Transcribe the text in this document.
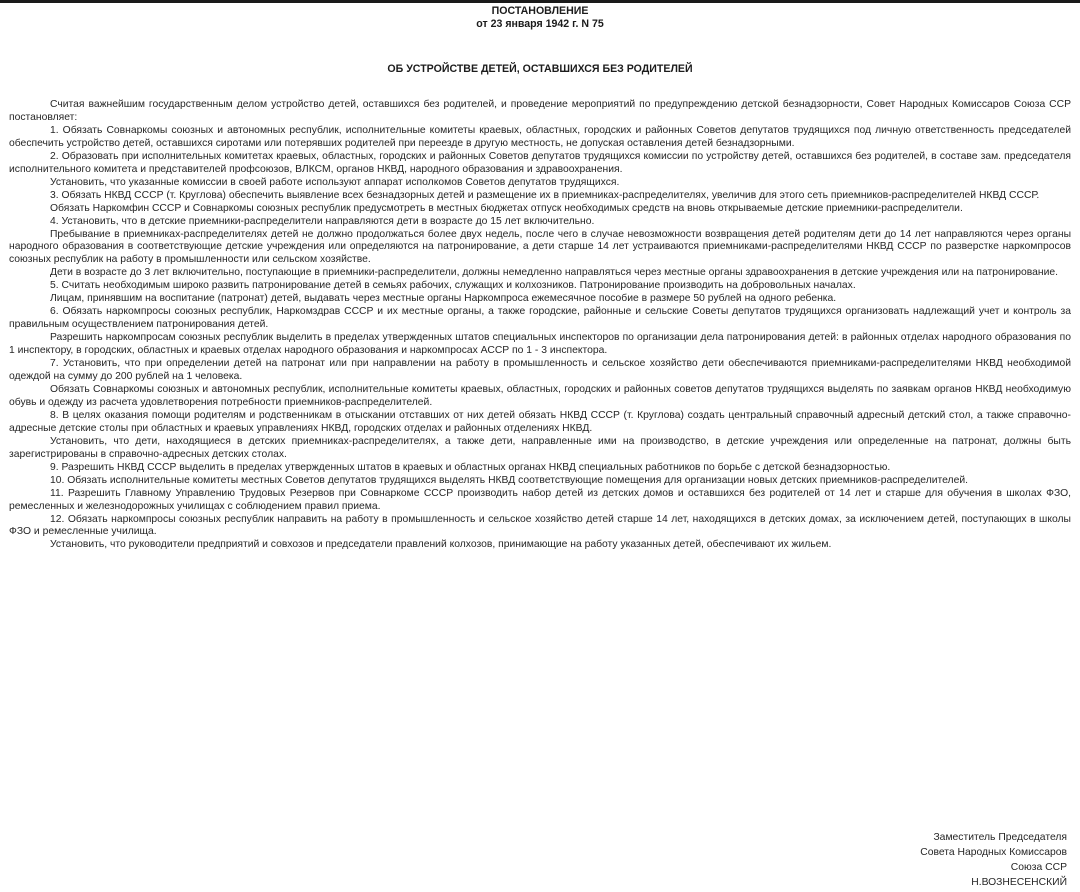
ПОСТАНОВЛЕНИЕ
от 23 января 1942 г. N 75
ОБ УСТРОЙСТВЕ ДЕТЕЙ, ОСТАВШИХСЯ БЕЗ РОДИТЕЛЕЙ

Считая важнейшим государственным делом устройство детей, оставшихся без родителей, и проведение мероприятий по предупреждению детской безнадзорности, Совет Народных Комиссаров Союза ССР постановляет:

1. Обязать Совнаркомы союзных и автономных республик, исполнительные комитеты краевых, областных, городских и районных Советов депутатов трудящихся под личную ответственность председателей обеспечить устройство детей, оставшихся сиротами или потерявших родителей при переезде в другую местность, не допуская оставления детей безнадзорными.

2. Образовать при исполнительных комитетах краевых, областных, городских и районных Советов депутатов трудящихся комиссии по устройству детей, оставшихся без родителей, в составе зам. председателя исполнительного комитета и представителей профсоюзов, ВЛКСМ, органов НКВД, народного образования и здравоохранения.

Установить, что указанные комиссии в своей работе используют аппарат исполкомов Советов депутатов трудящихся.

3. Обязать НКВД СССР (т. Круглова) обеспечить выявление всех безнадзорных детей и размещение их в приемниках-распределителях, увеличив для этого сеть приемников-распределителей НКВД СССР.

Обязать Наркомфин СССР и Совнаркомы союзных республик предусмотреть в местных бюджетах отпуск необходимых средств на вновь открываемые детские приемники-распределители.

4. Установить, что в детские приемники-распределители направляются дети в возрасте до 15 лет включительно.

Пребывание в приемниках-распределителях детей не должно продолжаться более двух недель, после чего в случае невозможности возвращения детей родителям дети до 14 лет направляются через органы народного образования в соответствующие детские учреждения или определяются на патронирование, а дети старше 14 лет устраиваются приемниками-распределителями НКВД СССР по разверстке наркомпросов союзных республик на работу в промышленности или сельском хозяйстве.

Дети в возрасте до 3 лет включительно, поступающие в приемники-распределители, должны немедленно направляться через местные органы здравоохранения в детские учреждения или на патронирование.

5. Считать необходимым широко развить патронирование детей в семьях рабочих, служащих и колхозников. Патронирование производить на добровольных началах.

Лицам, принявшим на воспитание (патронат) детей, выдавать через местные органы Наркомпроса ежемесячное пособие в размере 50 рублей на одного ребенка.

6. Обязать наркомпросы союзных республик, Наркомздрав СССР и их местные органы, а также городские, районные и сельские Советы депутатов трудящихся организовать надлежащий учет и контроль за правильным осуществлением патронирования детей.

Разрешить наркомпросам союзных республик выделить в пределах утвержденных штатов специальных инспекторов по организации дела патронирования детей: в районных отделах народного образования по 1 инспектору, в городских, областных и краевых отделах народного образования и наркомпросах АССР по 1 - 3 инспектора.

7. Установить, что при определении детей на патронат или при направлении на работу в промышленность и сельское хозяйство дети обеспечиваются приемниками-распределителями НКВД необходимой одеждой на сумму до 200 рублей на 1 человека.

Обязать Совнаркомы союзных и автономных республик, исполнительные комитеты краевых, областных, городских и районных советов депутатов трудящихся выделять по заявкам органов НКВД необходимую обувь и одежду из расчета удовлетворения потребности приемников-распределителей.

8. В целях оказания помощи родителям и родственникам в отыскании отставших от них детей обязать НКВД СССР (т. Круглова) создать центральный справочный адресный детский стол, а также справочно-адресные детские столы при областных и краевых управлениях НКВД, городских отделах и районных отделениях НКВД.

Установить, что дети, находящиеся в детских приемниках-распределителях, а также дети, направленные ими на производство, в детские учреждения или определенные на патронат, должны быть зарегистрированы в справочно-адресных детских столах.

9. Разрешить НКВД СССР выделить в пределах утвержденных штатов в краевых и областных органах НКВД специальных работников по борьбе с детской безнадзорностью.

10. Обязать исполнительные комитеты местных Советов депутатов трудящихся выделять НКВД соответствующие помещения для организации новых детских приемников-распределителей.

11. Разрешить Главному Управлению Трудовых Резервов при Совнаркоме СССР производить набор детей из детских домов и оставшихся без родителей от 14 лет и старше для обучения в школах ФЗО, ремесленных и железнодорожных училищах с соблюдением правил приема.

12. Обязать наркомпросы союзных республик направить на работу в промышленность и сельское хозяйство детей старше 14 лет, находящихся в детских домах, за исключением детей, поступающих в школы ФЗО и ремесленные училища.

Установить, что руководители предприятий и совхозов и председатели правлений колхозов, принимающие на работу указанных детей, обеспечивают их жильем.

Заместитель Председателя
Совета Народных Комиссаров
Союза ССР
Н.ВОЗНЕСЕНСКИЙ
